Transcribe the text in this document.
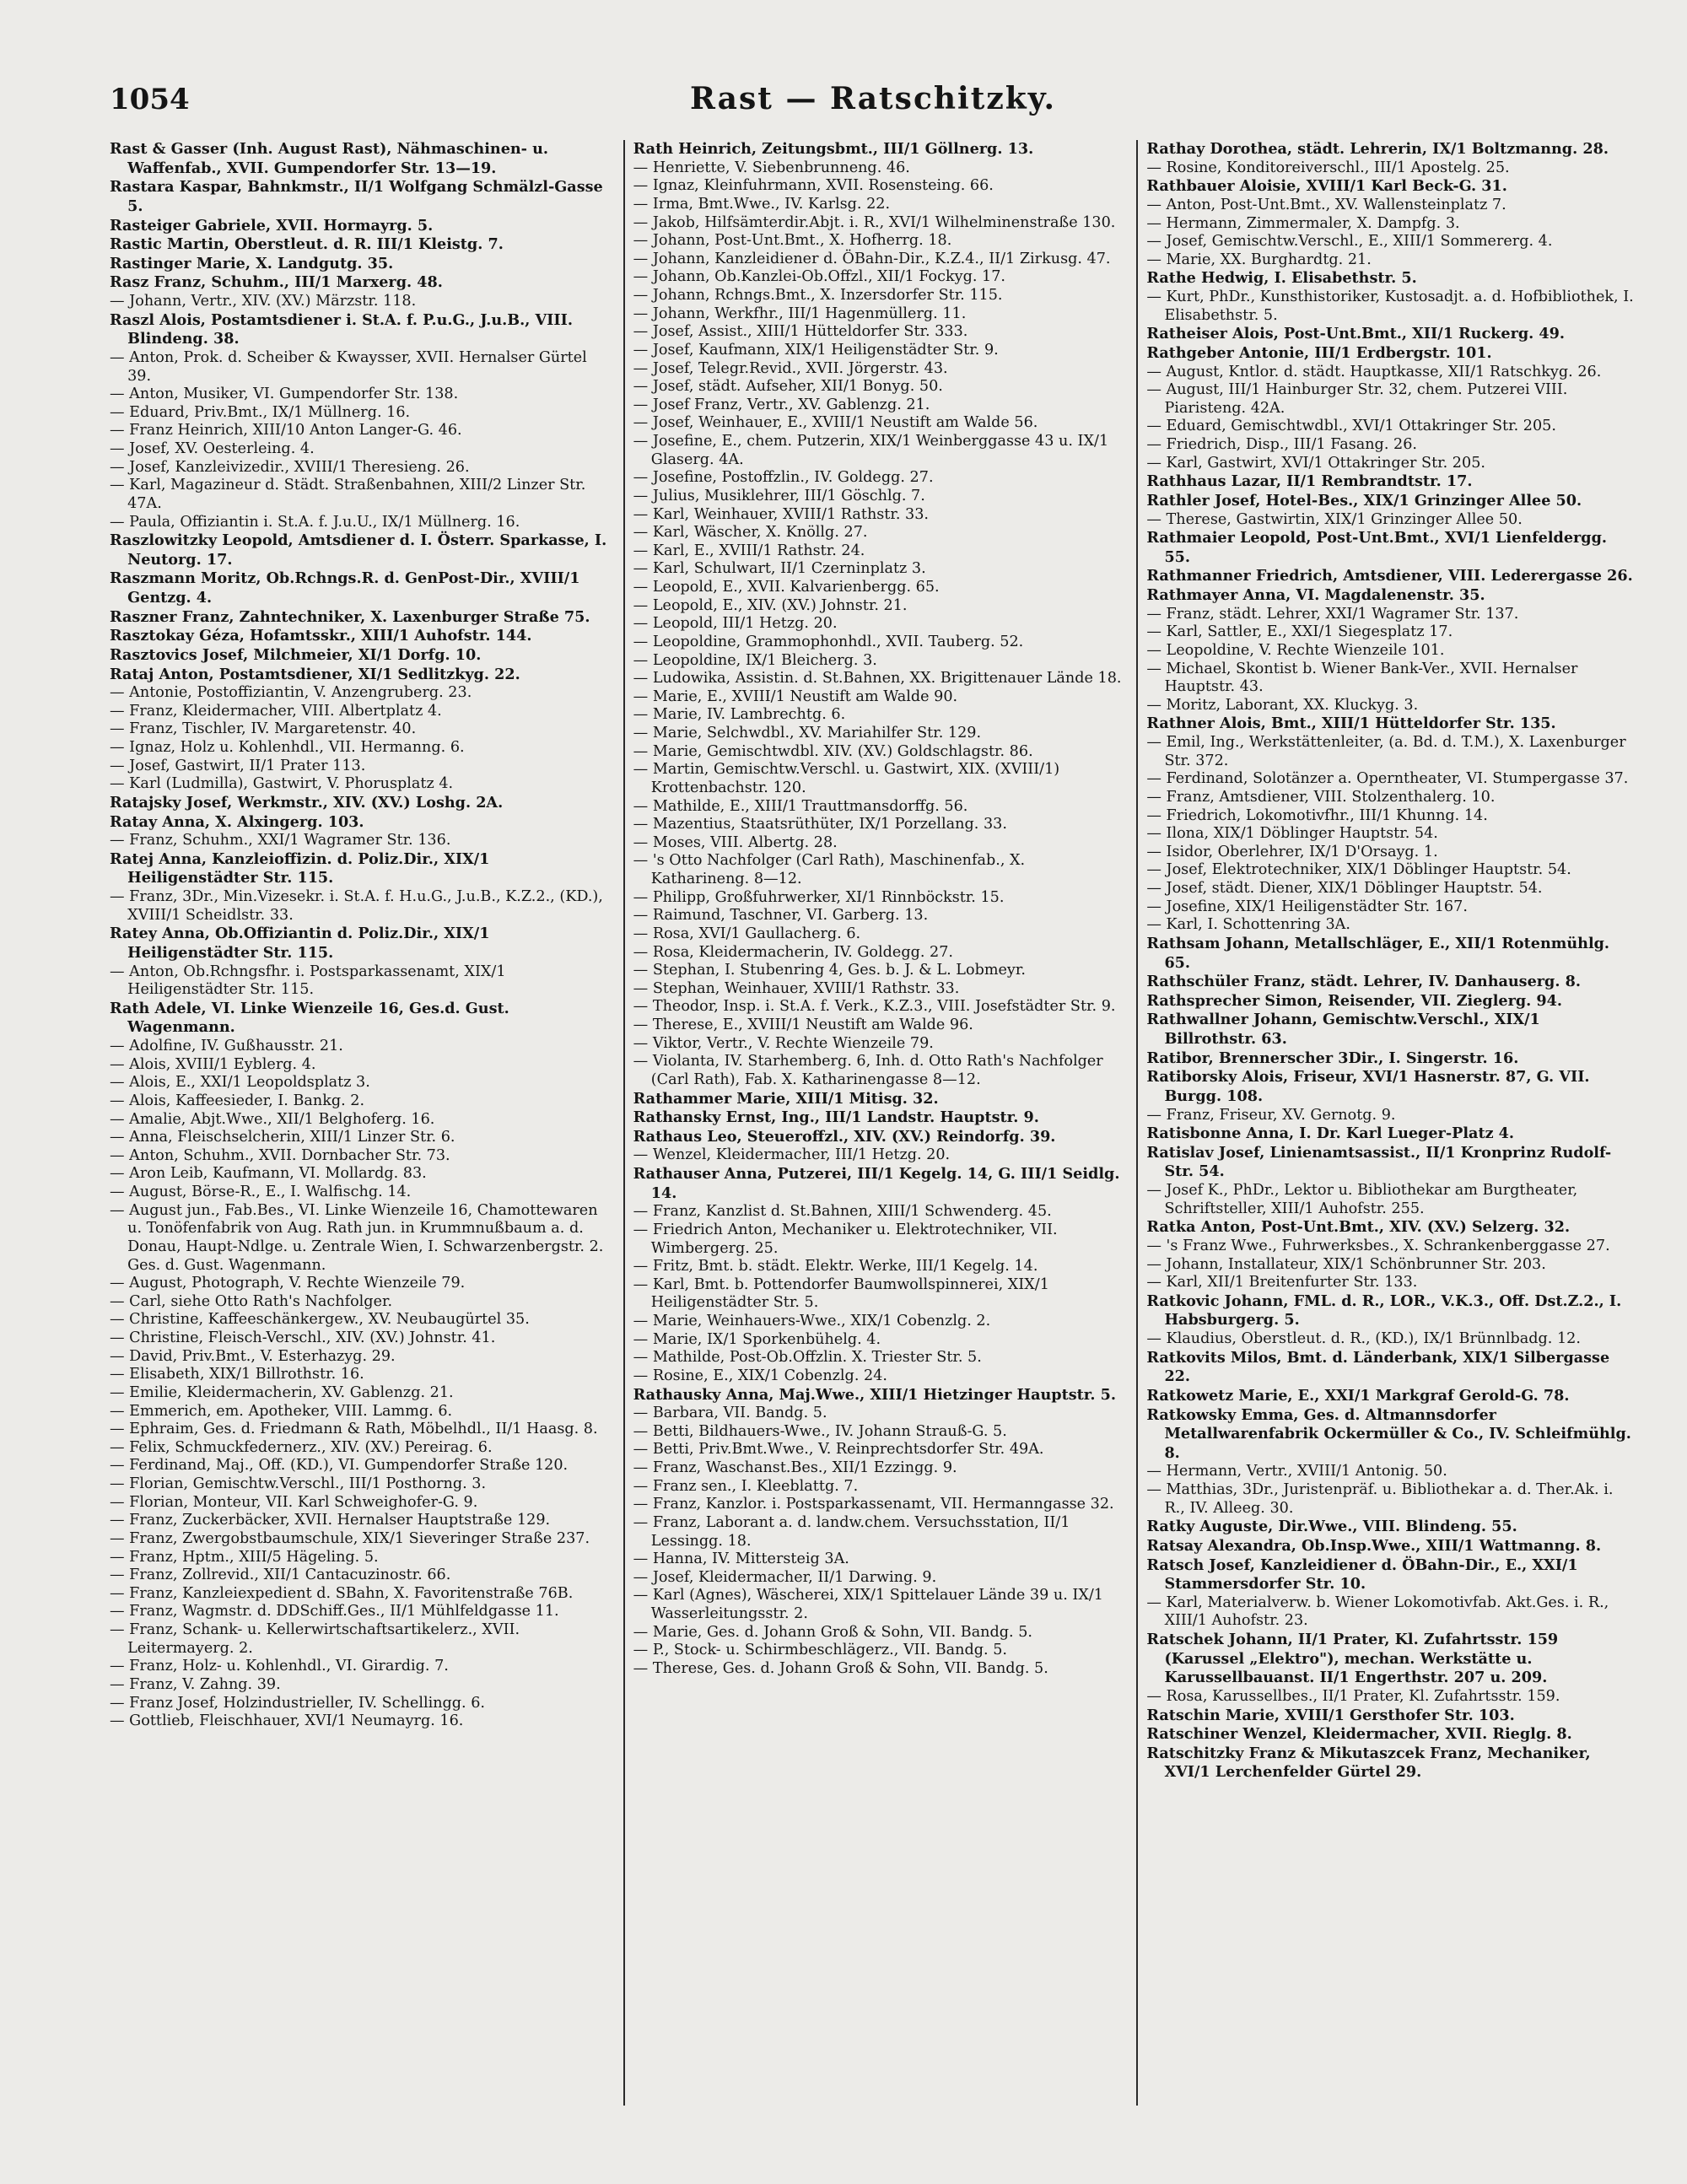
1054	Rast — Ratschitzky.

Rast & Gasser (Inh. August Rast), Nähmaschinen- u. Waffenfab., XVII. Gumpendorfer Str. 13—19.

Rastara Kaspar, Bahnkmstr., II/1 Wolfgang Schmälzl-Gasse 5.

Rasteiger Gabriele, XVII. Hormayrg. 5.

Rastic Martin, Oberstleut. d. R. III/1 Kleistg. 7.

Rastinger Marie, X. Landgutg. 35.

Rasz Franz, Schuhm., III/1 Marxerg. 48.

— Johann, Vertr., XIV. (XV.) Märzstr. 118.

Raszl Alois, Postamtsdiener i. St.A. f. P.u.G., J.u.B., VIII. Blindeng. 38.

— Anton, Prok. d. Scheiber & Kwaysser, XVII. Hernalser Gürtel 39.

— Anton, Musiker, VI. Gumpendorfer Str. 138.

— Eduard, Priv.Bmt., IX/1 Müllnerg. 16.

— Franz Heinrich, XIII/10 Anton Langer-G. 46.

— Josef, XV. Oesterleing. 4.

— Josef, Kanzleivizedir., XVIII/1 Theresieng. 26.

— Karl, Magazineur d. Städt. Straßenbahnen, XIII/2 Linzer Str. 47A.

— Paula, Offiziantin i. St.A. f. J.u.U., IX/1 Müllnerg. 16.

Raszlowitzky Leopold, Amtsdiener d. I. Österr. Sparkasse, I. Neutorg. 17.

Raszmann Moritz, Ob.Rchngs.R. d. GenPost-Dir., XVIII/1 Gentzg. 4.

Raszner Franz, Zahntechniker, X. Laxenburger Straße 75.

Rasztokay Géza, Hofamtsskr., XIII/1 Auhofstr. 144.

Rasztovics Josef, Milchmeier, XI/1 Dorfg. 10.

Rataj Anton, Postamtsdiener, XI/1 Sedlitzkyg. 22.

— Antonie, Postoffiziantin, V. Anzengruberg. 23.

— Franz, Kleidermacher, VIII. Albertplatz 4.

— Franz, Tischler, IV. Margaretenstr. 40.

— Ignaz, Holz u. Kohlenhdl., VII. Hermanng. 6.

— Josef, Gastwirt, II/1 Prater 113.

— Karl (Ludmilla), Gastwirt, V. Phorusplatz 4.

Ratajsky Josef, Werkmstr., XIV. (XV.) Loshg. 2A.

Ratay Anna, X. Alxingerg. 103.

— Franz, Schuhm., XXI/1 Wagramer Str. 136.

Ratej Anna, Kanzleioffizin. d. Poliz.Dir., XIX/1 Heiligenstädter Str. 115.

— Franz, 3Dr., Min.Vizesekr. i. St.A. f. H.u.G., J.u.B., K.Z.2., (KD.), XVIII/1 Scheidlstr. 33.

Ratey Anna, Ob.Offiziantin d. Poliz.Dir., XIX/1 Heiligenstädter Str. 115.

— Anton, Ob.Rchngsfhr. i. Postsparkassenamt, XIX/1 Heiligenstädter Str. 115.

Rath Adele, VI. Linke Wienzeile 16, Ges.d. Gust. Wagenmann.

— Adolfine, IV. Gußhausstr. 21.

— Alois, XVIII/1 Eyblerg. 4.

— Alois, E., XXI/1 Leopoldsplatz 3.

— Alois, Kaffeesieder, I. Bankg. 2.

— Amalie, Abjt.Wwe., XII/1 Belghoferg. 16.

— Anna, Fleischselcherin, XIII/1 Linzer Str. 6.

— Anton, Schuhm., XVII. Dornbacher Str. 73.

— Aron Leib, Kaufmann, VI. Mollardg. 83.

— August, Börse-R., E., I. Walfischg. 14.

— August jun., Fab.Bes., VI. Linke Wienzeile 16, Chamottewaren u. Tonöfenfabrik von Aug. Rath jun. in Krummnußbaum a. d. Donau, Haupt-Ndlge. u. Zentrale Wien, I. Schwarzenbergstr. 2. Ges. d. Gust. Wagenmann.

— August, Photograph, V. Rechte Wienzeile 79.

— Carl, siehe Otto Rath's Nachfolger.

— Christine, Kaffeeschänkergew., XV. Neubaugürtel 35.

— Christine, Fleisch-Verschl., XIV. (XV.) Johnstr. 41.

— David, Priv.Bmt., V. Esterhazyg. 29.

— Elisabeth, XIX/1 Billrothstr. 16.

— Emilie, Kleidermacherin, XV. Gablenzg. 21.

— Emmerich, em. Apotheker, VIII. Lammg. 6.

— Ephraim, Ges. d. Friedmann & Rath, Möbelhdl., II/1 Haasg. 8.

— Felix, Schmuckfedernerz., XIV. (XV.) Pereirag. 6.

— Ferdinand, Maj., Off. (KD.), VI. Gumpendorfer Straße 120.

— Florian, Gemischtw.Verschl., III/1 Posthorng. 3.

— Florian, Monteur, VII. Karl Schweighofer-G. 9.

— Franz, Zuckerbäcker, XVII. Hernalser Hauptstraße 129.

— Franz, Zwergobstbaumschule, XIX/1 Sieveringer Straße 237.

— Franz, Hptm., XIII/5 Hägeling. 5.

— Franz, Zollrevid., XII/1 Cantacuzinostr. 66.

— Franz, Kanzleiexpedient d. SBahn, X. Favoritenstraße 76B.

— Franz, Wagmstr. d. DDSchiff.Ges., II/1 Mühlfeldgasse 11.

— Franz, Schank- u. Kellerwirtschaftsartikelerz., XVII. Leitermayerg. 2.

— Franz, Holz- u. Kohlenhdl., VI. Girardig. 7.

— Franz, V. Zahng. 39.

— Franz Josef, Holzindustrieller, IV. Schellingg. 6.

— Gottlieb, Fleischhauer, XVI/1 Neumayrg. 16.

Rath Heinrich, Zeitungsbmt., III/1 Göllnerg. 13.

— Henriette, V. Siebenbrunneng. 46.

— Ignaz, Kleinfuhrmann, XVII. Rosensteing. 66.

— Irma, Bmt.Wwe., IV. Karlsg. 22.

— Jakob, Hilfsämterdir.Abjt. i. R., XVI/1 Wilhelminenstraße 130.

— Johann, Post-Unt.Bmt., X. Hofherrg. 18.

— Johann, Kanzleidiener d. ÖBahn-Dir., K.Z.4., II/1 Zirkusg. 47.

— Johann, Ob.Kanzlei-Ob.Offzl., XII/1 Fockyg. 17.

— Johann, Rchngs.Bmt., X. Inzersdorfer Str. 115.

— Johann, Werkfhr., III/1 Hagenmüllerg. 11.

— Josef, Assist., XIII/1 Hütteldorfer Str. 333.

— Josef, Kaufmann, XIX/1 Heiligenstädter Str. 9.

— Josef, Telegr.Revid., XVII. Jörgerstr. 43.

— Josef, städt. Aufseher, XII/1 Bonyg. 50.

— Josef Franz, Vertr., XV. Gablenzg. 21.

— Josef, Weinhauer, E., XVIII/1 Neustift am Walde 56.

— Josefine, E., chem. Putzerin, XIX/1 Weinberggasse 43 u. IX/1 Glaserg. 4A.

— Josefine, Postoffzlin., IV. Goldegg. 27.

— Julius, Musiklehrer, III/1 Göschlg. 7.

— Karl, Weinhauer, XVIII/1 Rathstr. 33.

— Karl, Wäscher, X. Knöllg. 27.

— Karl, E., XVIII/1 Rathstr. 24.

— Karl, Schulwart, II/1 Czerninplatz 3.

— Leopold, E., XVII. Kalvarienbergg. 65.

— Leopold, E., XIV. (XV.) Johnstr. 21.

— Leopold, III/1 Hetzg. 20.

— Leopoldine, Grammophonhdl., XVII. Tauberg. 52.

— Leopoldine, IX/1 Bleicherg. 3.

— Ludowika, Assistin. d. St.Bahnen, XX. Brigittenauer Lände 18.

— Marie, E., XVIII/1 Neustift am Walde 90.

— Marie, IV. Lambrechtg. 6.

— Marie, Selchwdbl., XV. Mariahilfer Str. 129.

— Marie, Gemischtwdbl. XIV. (XV.) Goldschlagstr. 86.

— Martin, Gemischtw.Verschl. u. Gastwirt, XIX. (XVIII/1) Krottenbachstr. 120.

— Mathilde, E., XIII/1 Trauttmansdorffg. 56.

— Mazentius, Staatsrüthüter, IX/1 Porzellang. 33.

— Moses, VIII. Albertg. 28.

— 's Otto Nachfolger (Carl Rath), Maschinenfab., X. Katharineng. 8—12.

— Philipp, Großfuhrwerker, XI/1 Rinnböckstr. 15.

— Raimund, Taschner, VI. Garberg. 13.

— Rosa, XVI/1 Gaullacherg. 6.

— Rosa, Kleidermacherin, IV. Goldegg. 27.

— Stephan, I. Stubenring 4, Ges. b. J. & L. Lobmeyr.

— Stephan, Weinhauer, XVIII/1 Rathstr. 33.

— Theodor, Insp. i. St.A. f. Verk., K.Z.3., VIII. Josefstädter Str. 9.

— Therese, E., XVIII/1 Neustift am Walde 96.

— Viktor, Vertr., V. Rechte Wienzeile 79.

— Violanta, IV. Starhemberg. 6, Inh. d. Otto Rath's Nachfolger (Carl Rath), Fab. X. Katharinengasse 8—12.

Rathammer Marie, XIII/1 Mitisg. 32.

Rathansky Ernst, Ing., III/1 Landstr. Hauptstr. 9.

Rathaus Leo, Steueroffzl., XIV. (XV.) Reindorfg. 39.

— Wenzel, Kleidermacher, III/1 Hetzg. 20.

Rathauser Anna, Putzerei, III/1 Kegelg. 14, G. III/1 Seidlg. 14.

— Franz, Kanzlist d. St.Bahnen, XIII/1 Schwenderg. 45.

— Friedrich Anton, Mechaniker u. Elektrotechniker, VII. Wimbergerg. 25.

— Fritz, Bmt. b. städt. Elektr. Werke, III/1 Kegelg. 14.

— Karl, Bmt. b. Pottendorfer Baumwollspinnerei, XIX/1 Heiligenstädter Str. 5.

— Marie, Weinhauers-Wwe., XIX/1 Cobenzlg. 2.

— Marie, IX/1 Sporkenbühelg. 4.

— Mathilde, Post-Ob.Offzlin. X. Triester Str. 5.

— Rosine, E., XIX/1 Cobenzlg. 24.

Rathausky Anna, Maj.Wwe., XIII/1 Hietzinger Hauptstr. 5.

— Barbara, VII. Bandg. 5.

— Betti, Bildhauers-Wwe., IV. Johann Strauß-G. 5.

— Betti, Priv.Bmt.Wwe., V. Reinprechtsdorfer Str. 49A.

— Franz, Waschanst.Bes., XII/1 Ezzingg. 9.

— Franz sen., I. Kleeblattg. 7.

— Franz, Kanzlor. i. Postsparkassenamt, VII. Hermanngasse 32.

— Franz, Laborant a. d. landw.chem. Versuchsstation, II/1 Lessingg. 18.

— Hanna, IV. Mittersteig 3A.

— Josef, Kleidermacher, II/1 Darwing. 9.

— Karl (Agnes), Wäscherei, XIX/1 Spittelauer Lände 39 u. IX/1 Wasserleitungsstr. 2.

— Marie, Ges. d. Johann Groß & Sohn, VII. Bandg. 5.

— P., Stock- u. Schirmbeschlägerz., VII. Bandg. 5.

— Therese, Ges. d. Johann Groß & Sohn, VII. Bandg. 5.

Rathay Dorothea, städt. Lehrerin, IX/1 Boltzmanng. 28.

— Rosine, Konditoreiverschl., III/1 Apostelg. 25.

Rathbauer Aloisie, XVIII/1 Karl Beck-G. 31.

— Anton, Post-Unt.Bmt., XV. Wallensteinplatz 7.

— Hermann, Zimmermaler, X. Dampfg. 3.

— Josef, Gemischtw.Verschl., E., XIII/1 Sommererg. 4.

— Marie, XX. Burghardtg. 21.

Rathe Hedwig, I. Elisabethstr. 5.

— Kurt, PhDr., Kunsthistoriker, Kustosadjt. a. d. Hofbibliothek, I. Elisabethstr. 5.

Ratheiser Alois, Post-Unt.Bmt., XII/1 Ruckerg. 49.

Rathgeber Antonie, III/1 Erdbergstr. 101.

— August, Kntlor. d. städt. Hauptkasse, XII/1 Ratschkyg. 26.

— August, III/1 Hainburger Str. 32, chem. Putzerei VIII. Piaristeng. 42A.

— Eduard, Gemischtwdbl., XVI/1 Ottakringer Str. 205.

— Friedrich, Disp., III/1 Fasang. 26.

— Karl, Gastwirt, XVI/1 Ottakringer Str. 205.

Rathhaus Lazar, II/1 Rembrandtstr. 17.

Rathler Josef, Hotel-Bes., XIX/1 Grinzinger Allee 50.

— Therese, Gastwirtin, XIX/1 Grinzinger Allee 50.

Rathmaier Leopold, Post-Unt.Bmt., XVI/1 Lienfeldergg. 55.

Rathmanner Friedrich, Amtsdiener, VIII. Lederergasse 26.

Rathmayer Anna, VI. Magdalenenstr. 35.

— Franz, städt. Lehrer, XXI/1 Wagramer Str. 137.

— Karl, Sattler, E., XXI/1 Siegesplatz 17.

— Leopoldine, V. Rechte Wienzeile 101.

— Michael, Skontist b. Wiener Bank-Ver., XVII. Hernalser Hauptstr. 43.

— Moritz, Laborant, XX. Kluckyg. 3.

Rathner Alois, Bmt., XIII/1 Hütteldorfer Str. 135.

— Emil, Ing., Werkstättenleiter, (a. Bd. d. T.M.), X. Laxenburger Str. 372.

— Ferdinand, Solotänzer a. Operntheater, VI. Stumpergasse 37.

— Franz, Amtsdiener, VIII. Stolzenthalerg. 10.

— Friedrich, Lokomotivfhr., III/1 Khunng. 14.

— Ilona, XIX/1 Döblinger Hauptstr. 54.

— Isidor, Oberlehrer, IX/1 D'Orsayg. 1.

— Josef, Elektrotechniker, XIX/1 Döblinger Hauptstr. 54.

— Josef, städt. Diener, XIX/1 Döblinger Hauptstr. 54.

— Josefine, XIX/1 Heiligenstädter Str. 167.

— Karl, I. Schottenring 3A.

Rathsam Johann, Metallschläger, E., XII/1 Rotenmühlg. 65.

Rathschüler Franz, städt. Lehrer, IV. Danhauserg. 8.

Rathsprecher Simon, Reisender, VII. Zieglerg. 94.

Rathwallner Johann, Gemischtw.Verschl., XIX/1 Billrothstr. 63.

Ratibor, Brennerscher 3Dir., I. Singerstr. 16.

Ratiborsky Alois, Friseur, XVI/1 Hasnerstr. 87, G. VII. Burgg. 108.

— Franz, Friseur, XV. Gernotg. 9.

Ratisbonne Anna, I. Dr. Karl Lueger-Platz 4.

Ratislav Josef, Linienamtsassist., II/1 Kronprinz Rudolf-Str. 54.

— Josef K., PhDr., Lektor u. Bibliothekar am Burgtheater, Schriftsteller, XIII/1 Auhofstr. 255.

Ratka Anton, Post-Unt.Bmt., XIV. (XV.) Selzerg. 32.

— 's Franz Wwe., Fuhrwerksbes., X. Schrankenberggasse 27.

— Johann, Installateur, XIX/1 Schönbrunner Str. 203.

— Karl, XII/1 Breitenfurter Str. 133.

Ratkovic Johann, FML. d. R., LOR., V.K.3., Off. Dst.Z.2., I. Habsburgerg. 5.

— Klaudius, Oberstleut. d. R., (KD.), IX/1 Brünnlbadg. 12.

Ratkovits Milos, Bmt. d. Länderbank, XIX/1 Silbergasse 22.

Ratkowetz Marie, E., XXI/1 Markgraf Gerold-G. 78.

Ratkowsky Emma, Ges. d. Altmannsdorfer Metallwarenfabrik Ockermüller & Co., IV. Schleifmühlg. 8.

— Hermann, Vertr., XVIII/1 Antonig. 50.

— Matthias, 3Dr., Juristenpräf. u. Bibliothekar a. d. Ther.Ak. i. R., IV. Alleeg. 30.

Ratky Auguste, Dir.Wwe., VIII. Blindeng. 55.

Ratsay Alexandra, Ob.Insp.Wwe., XIII/1 Wattmanng. 8.

Ratsch Josef, Kanzleidiener d. ÖBahn-Dir., E., XXI/1 Stammersdorfer Str. 10.

— Karl, Materialverw. b. Wiener Lokomotivfab. Akt.Ges. i. R., XIII/1 Auhofstr. 23.

Ratschek Johann, II/1 Prater, Kl. Zufahrtsstr. 159 (Karussel „Elektro"), mechan. Werkstätte u. Karussellbauanst. II/1 Engerthstr. 207 u. 209.

— Rosa, Karussellbes., II/1 Prater, Kl. Zufahrtsstr. 159.

Ratschin Marie, XVIII/1 Gersthofer Str. 103.

Ratschiner Wenzel, Kleidermacher, XVII. Rieglg. 8.

Ratschitzky Franz & Mikutaszcek Franz, Mechaniker, XVI/1 Lerchenfelder Gürtel 29.
